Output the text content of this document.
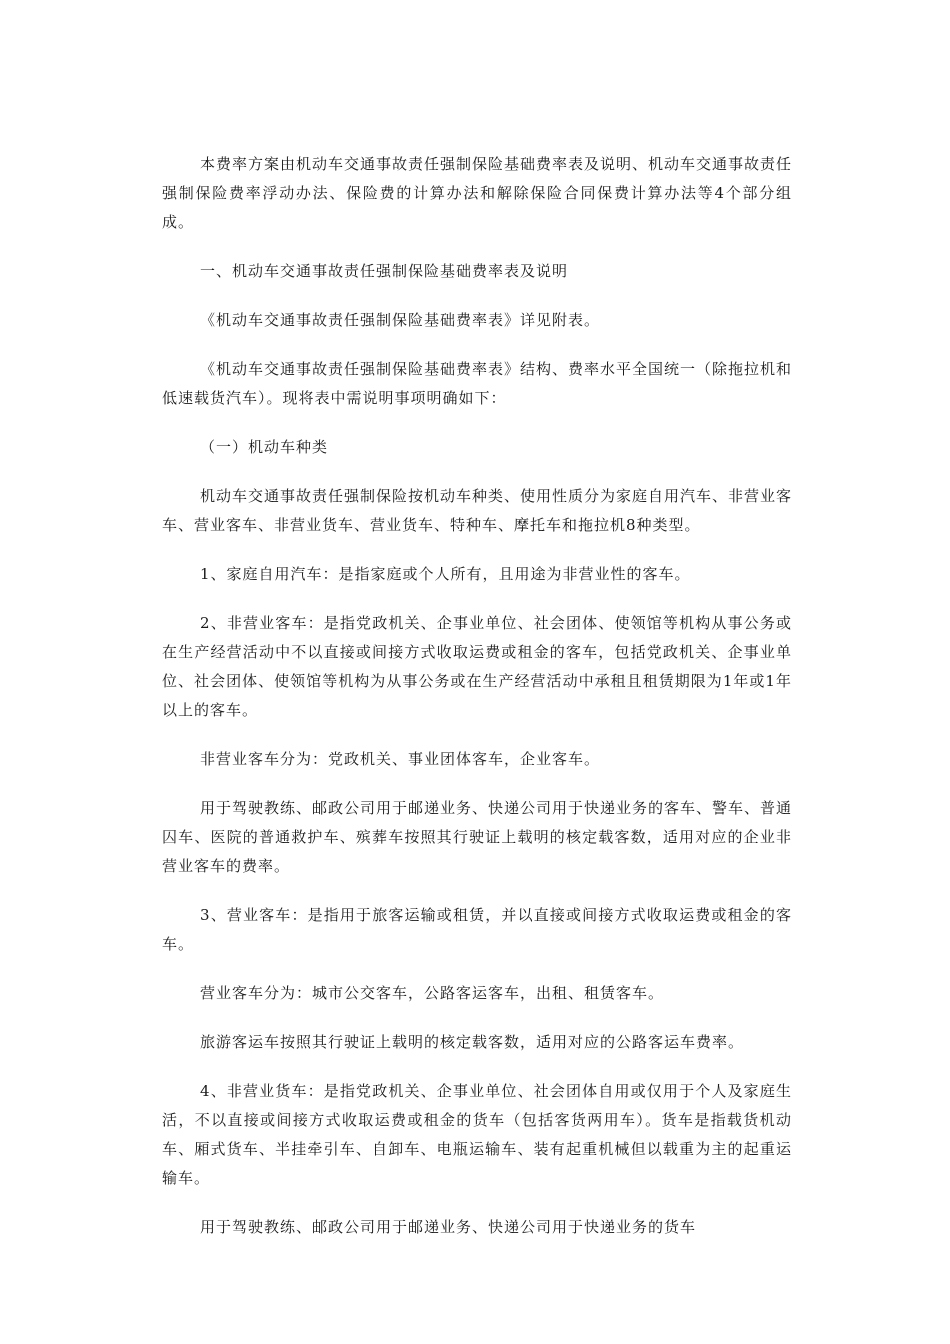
本费率方案由机动车交通事故责任强制保险基础费率表及说明、机动车交通事故责任强制保险费率浮动办法、保险费的计算办法和解除保险合同保费计算办法等4个部分组成。

一、机动车交通事故责任强制保险基础费率表及说明

《机动车交通事故责任强制保险基础费率表》详见附表。

《机动车交通事故责任强制保险基础费率表》结构、费率水平全国统一（除拖拉机和低速载货汽车）。现将表中需说明事项明确如下：

（一）机动车种类

机动车交通事故责任强制保险按机动车种类、使用性质分为家庭自用汽车、非营业客车、营业客车、非营业货车、营业货车、特种车、摩托车和拖拉机8种类型。

1、家庭自用汽车：是指家庭或个人所有，且用途为非营业性的客车。

2、非营业客车：是指党政机关、企事业单位、社会团体、使领馆等机构从事公务或在生产经营活动中不以直接或间接方式收取运费或租金的客车，包括党政机关、企事业单位、社会团体、使领馆等机构为从事公务或在生产经营活动中承租且租赁期限为1年或1年以上的客车。

非营业客车分为：党政机关、事业团体客车，企业客车。

用于驾驶教练、邮政公司用于邮递业务、快递公司用于快递业务的客车、警车、普通囚车、医院的普通救护车、殡葬车按照其行驶证上载明的核定载客数，适用对应的企业非营业客车的费率。

3、营业客车：是指用于旅客运输或租赁，并以直接或间接方式收取运费或租金的客车。

营业客车分为：城市公交客车，公路客运客车，出租、租赁客车。

旅游客运车按照其行驶证上载明的核定载客数，适用对应的公路客运车费率。

4、非营业货车：是指党政机关、企事业单位、社会团体自用或仅用于个人及家庭生活，不以直接或间接方式收取运费或租金的货车（包括客货两用车）。货车是指载货机动车、厢式货车、半挂牵引车、自卸车、电瓶运输车、装有起重机械但以载重为主的起重运输车。

用于驾驶教练、邮政公司用于邮递业务、快递公司用于快递业务的货车
